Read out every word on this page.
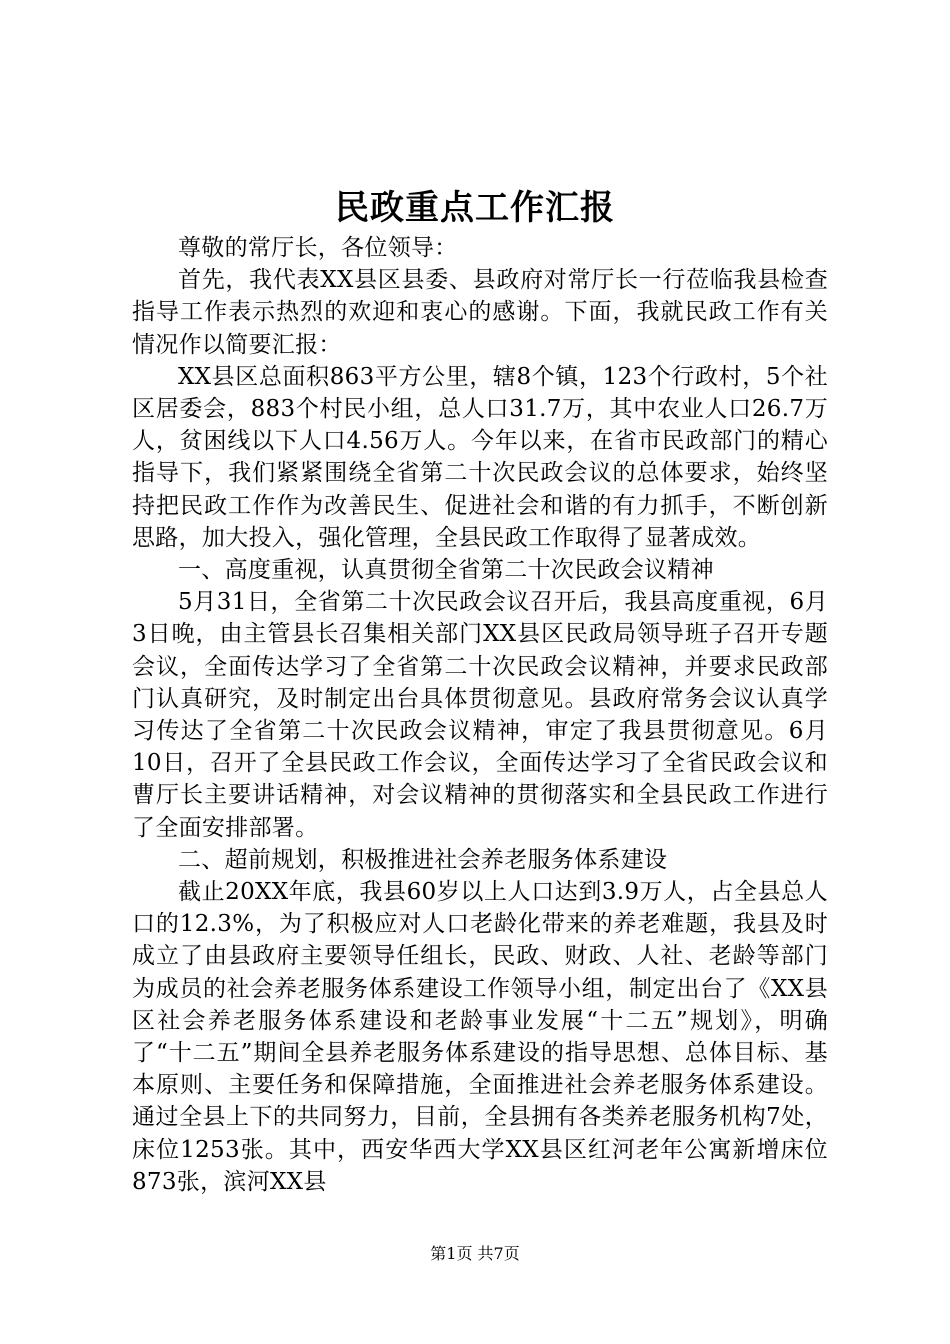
民政重点工作汇报

尊敬的常厅长，各位领导：

首先，我代表XX县区县委、县政府对常厅长一行莅临我县检查指导工作表示热烈的欢迎和衷心的感谢。下面，我就民政工作有关情况作以简要汇报：

XX县区总面积863平方公里，辖8个镇，123个行政村，5个社区居委会，883个村民小组，总人口31.7万，其中农业人口26.7万人，贫困线以下人口4.56万人。今年以来，在省市民政部门的精心指导下，我们紧紧围绕全省第二十次民政会议的总体要求，始终坚持把民政工作作为改善民生、促进社会和谐的有力抓手，不断创新思路，加大投入，强化管理，全县民政工作取得了显著成效。

一、高度重视，认真贯彻全省第二十次民政会议精神

5月31日，全省第二十次民政会议召开后，我县高度重视，6月3日晚，由主管县长召集相关部门XX县区民政局领导班子召开专题会议，全面传达学习了全省第二十次民政会议精神，并要求民政部门认真研究，及时制定出台具体贯彻意见。县政府常务会议认真学习传达了全省第二十次民政会议精神，审定了我县贯彻意见。6月10日，召开了全县民政工作会议，全面传达学习了全省民政会议和曹厅长主要讲话精神，对会议精神的贯彻落实和全县民政工作进行了全面安排部署。

二、超前规划，积极推进社会养老服务体系建设

截止20XX年底，我县60岁以上人口达到3.9万人，占全县总人口的12.3%，为了积极应对人口老龄化带来的养老难题，我县及时成立了由县政府主要领导任组长，民政、财政、人社、老龄等部门为成员的社会养老服务体系建设工作领导小组，制定出台了《XX县区社会养老服务体系建设和老龄事业发展“十二五”规划》，明确了“十二五”期间全县养老服务体系建设的指导思想、总体目标、基本原则、主要任务和保障措施，全面推进社会养老服务体系建设。通过全县上下的共同努力，目前，全县拥有各类养老服务机构7处，床位1253张。其中，西安华西大学XX县区红河老年公寓新增床位873张，滨河XX县

第1页 共7页
